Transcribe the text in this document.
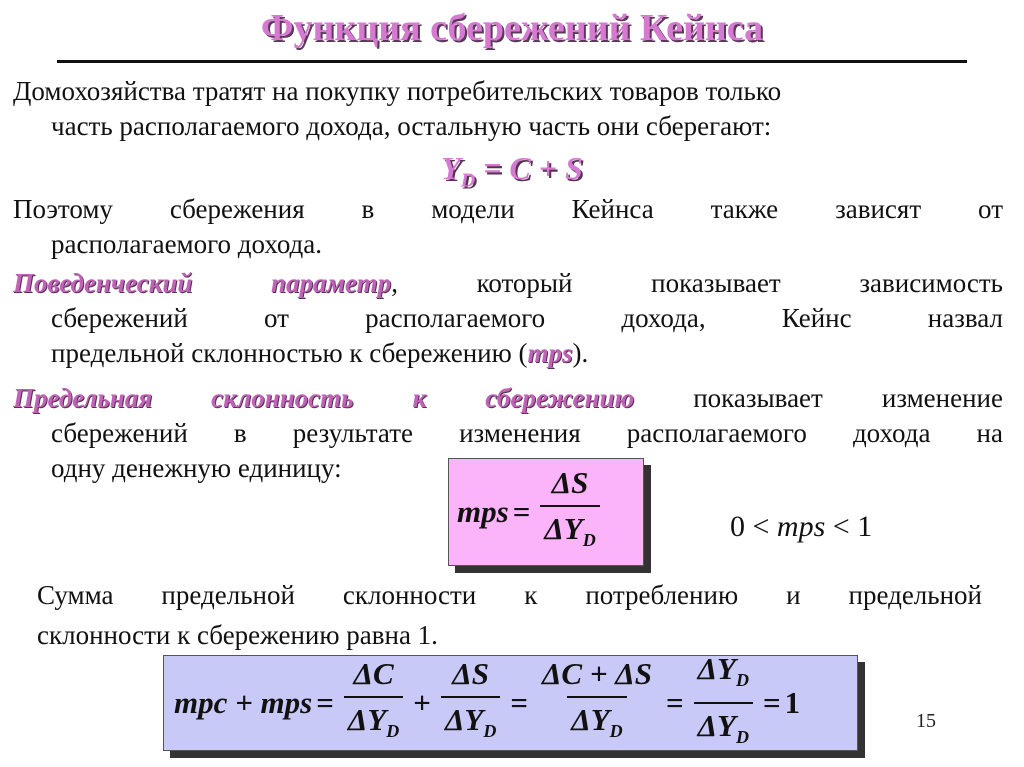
Функция сбережений Кейнса
Домохозяйства тратят на покупку потребительских товаров только
часть располагаемого дохода, остальную часть они сберегают:
$Y_D = C + S$
Поэтому сбережения в модели Кейнса также зависят от
располагаемого дохода.
Поведенческий параметр, который показывает зависимость
сбережений от располагаемого дохода, Кейнс назвал
предельной склонностью к сбережению (mps).
Предельная склонность к сбережению показывает изменение
сбережений в результате изменения располагаемого дохода на
одну денежную единицу:
mps = $\frac{\Delta S}{\Delta Y_D}$	0 < mps < 1
Сумма предельной склонности к потреблению и предельной
склонности к сбережению равна 1.
mpc + mps = $\frac{\Delta C}{\Delta Y_D} + \frac{\Delta S}{\Delta Y_D} = \frac{\Delta C + \Delta S}{\Delta Y_D} = \frac{\Delta Y_D}{\Delta Y_D} = 1$
15
